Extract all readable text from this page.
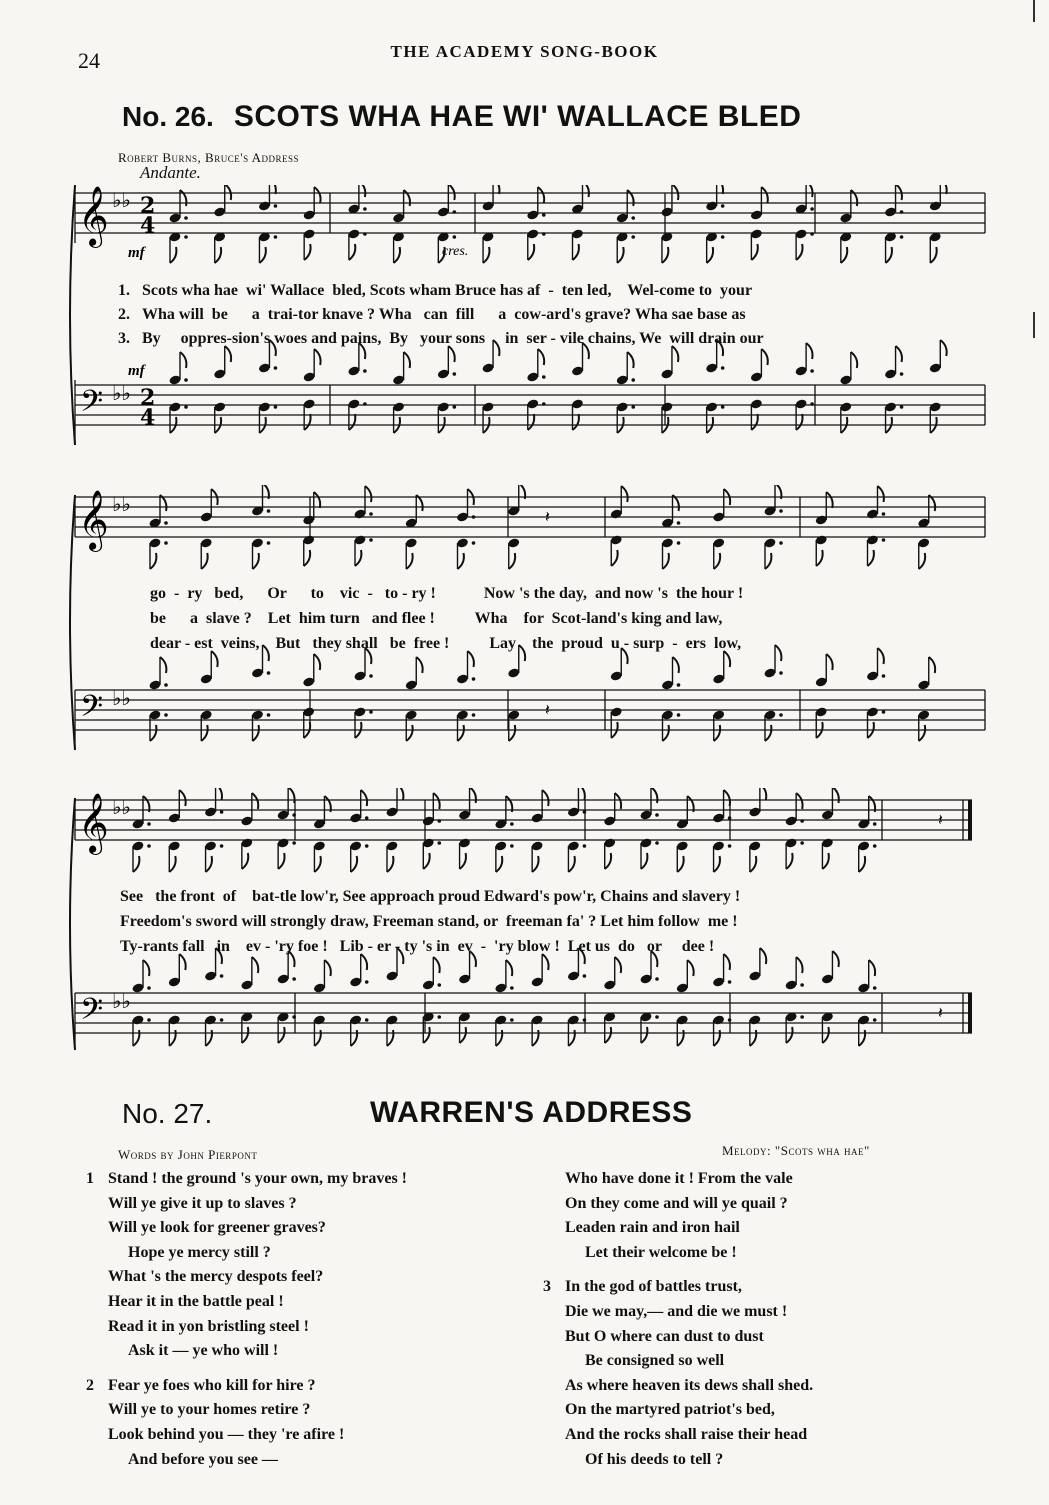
24	THE ACADEMY SONG-BOOK
No. 26. SCOTS WHA HAE WI' WALLACE BLED
Robert Burns, Bruce's Address
Andante.
𝄞
𝄢
♭♭
♭♭
2
4
2
4
mf
mf
cres.
1. Scots wha hae  wi' Wallace  bled, Scots wham Bruce has af  -  ten led,    Wel-come to  your
2. Wha will  be      a  trai-tor knave ? Wha   can  fill      a  cow-ard's grave? Wha sae base as
3. By     oppres-sion's woes and pains,  By   your sons     in  ser - vile chains, We  will drain our
𝄞
𝄢
♭♭
♭♭
𝄽
𝄽
go  -  ry   bed,      Or      to    vic  -   to - ry !            Now 's the day,  and now 's  the hour !
be      a  slave ?    Let  him turn   and flee !          Wha    for  Scot-land's king and law,
dear - est  veins,    But   they shall   be  free !          Lay    the  proud  u - surp  -  ers  low,
𝄞
𝄢
♭♭
♭♭
𝄽
𝄽
See   the front  of    bat-tle low'r, See approach proud Edward's pow'r, Chains and slavery !
Freedom's sword will strongly draw, Freeman stand, or  freeman fa' ? Let him follow  me !
Ty-rants fall   in    ev - 'ry foe !   Lib - er - ty 's in  ev  -  'ry blow !  Let us  do   or     dee !
No. 27.	WARREN'S ADDRESS
Words by John Pierpont	Melody: "Scots wha hae"
1 Stand ! the ground 's your own, my braves !
Will ye give it up to slaves ?
Will ye look for greener graves?
Hope ye mercy still ?
What 's the mercy despots feel?
Hear it in the battle peal !
Read it in yon bristling steel !
Ask it — ye who will !
2 Fear ye foes who kill for hire ?
Will ye to your homes retire ?
Look behind you — they 're afire !
And before you see —
Who have done it ! From the vale
On they come and will ye quail ?
Leaden rain and iron hail
Let their welcome be !
3 In the god of battles trust,
Die we may,— and die we must !
But O where can dust to dust
Be consigned so well
As where heaven its dews shall shed.
On the martyred patriot's bed,
And the rocks shall raise their head
Of his deeds to tell ?
